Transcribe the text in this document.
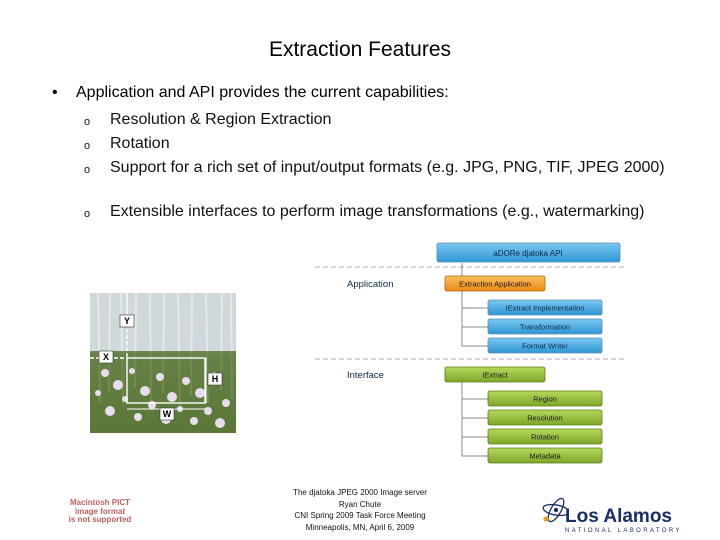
Extraction Features
• Application and API provides the current capabilities:
o Resolution & Region Extraction
o Rotation
o Support for a rich set of input/output formats (e.g. JPG, PNG, TIF, JPEG 2000)
o Extensible interfaces to perform image transformations (e.g., watermarking)
Y
X
H
W
aDORe djatoka API
Application	Extraction Application
IExtract Implementation
Transformation
Format Writer
Interface	IExtract
Region
Resolution
Rotation
Metadata
Macintosh PICT
image format
is not supported
The djatoka JPEG 2000 Image server
Ryan Chute
CNI Spring 2009 Task Force Meeting
Minneapolis, MN, April 6, 2009	Los Alamos
NATIONAL LABORATORY
